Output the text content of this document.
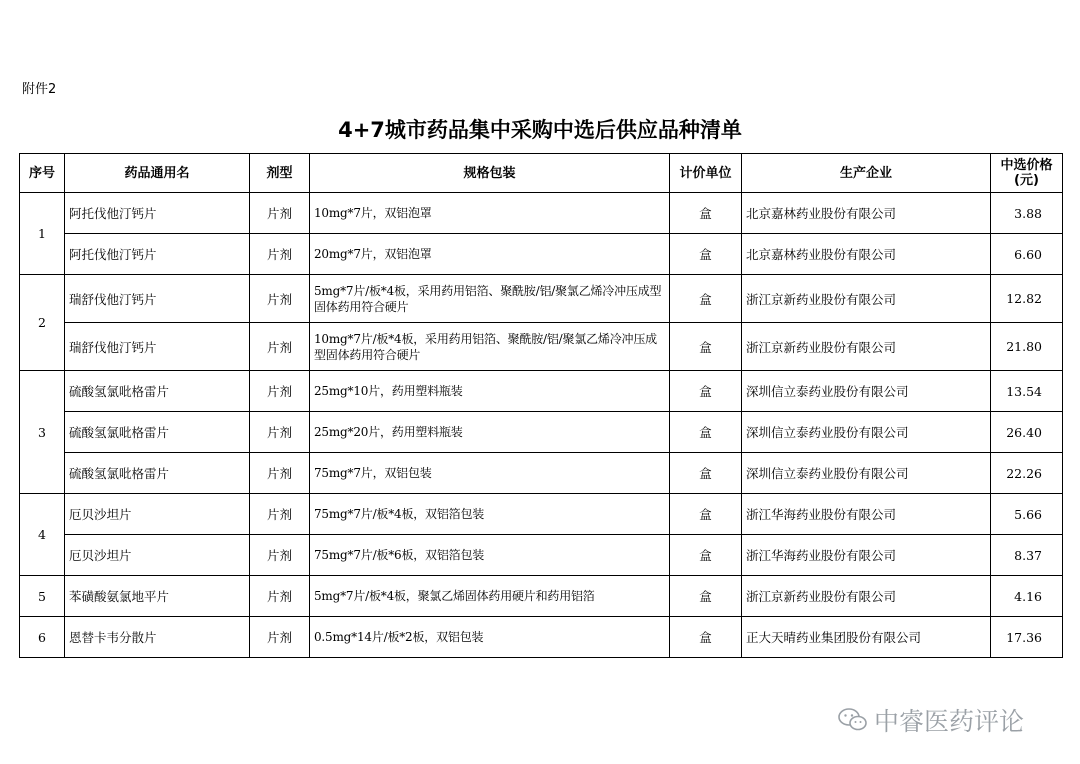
附件2
4+7城市药品集中采购中选后供应品种清单
序号	药品通用名	剂型	规格包装	计价单位	生产企业	中选价格
(元)
1	阿托伐他汀钙片	片剂	10mg*7片，双铝泡罩	盒	北京嘉林药业股份有限公司	3.88
	阿托伐他汀钙片	片剂	20mg*7片，双铝泡罩	盒	北京嘉林药业股份有限公司	6.60
2	瑞舒伐他汀钙片	片剂	5mg*7片/板*4板，采用药用铝箔、聚酰胺/铝/聚氯乙烯冷冲压成型固体药用符合硬片	盒	浙江京新药业股份有限公司	12.82
	瑞舒伐他汀钙片	片剂	10mg*7片/板*4板，采用药用铝箔、聚酰胺/铝/聚氯乙烯冷冲压成型固体药用符合硬片	盒	浙江京新药业股份有限公司	21.80
3	硫酸氢氯吡格雷片	片剂	25mg*10片，药用塑料瓶装	盒	深圳信立泰药业股份有限公司	13.54
	硫酸氢氯吡格雷片	片剂	25mg*20片，药用塑料瓶装	盒	深圳信立泰药业股份有限公司	26.40
	硫酸氢氯吡格雷片	片剂	75mg*7片，双铝包装	盒	深圳信立泰药业股份有限公司	22.26
4	厄贝沙坦片	片剂	75mg*7片/板*4板，双铝箔包装	盒	浙江华海药业股份有限公司	5.66
	厄贝沙坦片	片剂	75mg*7片/板*6板，双铝箔包装	盒	浙江华海药业股份有限公司	8.37
5	苯磺酸氨氯地平片	片剂	5mg*7片/板*4板，聚氯乙烯固体药用硬片和药用铝箔	盒	浙江京新药业股份有限公司	4.16
6	恩替卡韦分散片	片剂	0.5mg*14片/板*2板，双铝包装	盒	正大天晴药业集团股份有限公司	17.36
中睿医药评论
